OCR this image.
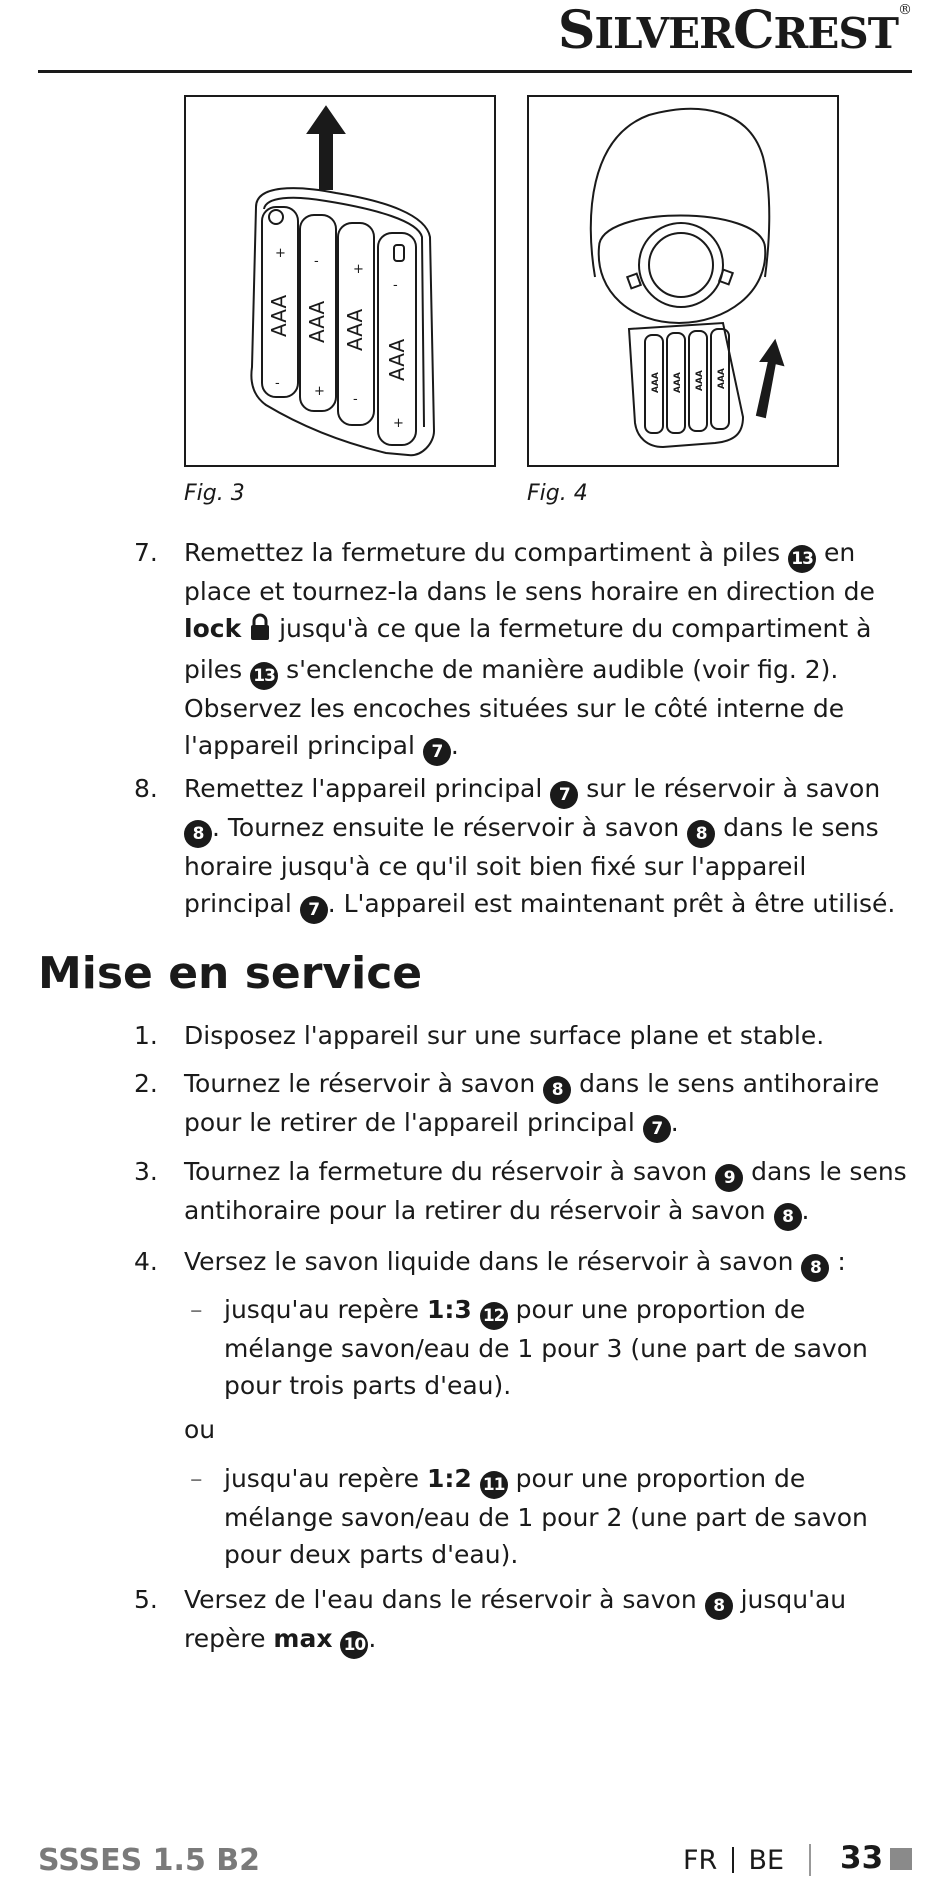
SILVERCREST®
+
-
+
-
-
+
-
+
AAA AAA AAA
AAA
Fig. 3
AAA AAA AAA AAA
Fig. 4
7.	Remettez la fermeture du compartiment à piles 13 en place et tournez-la dans le sens horaire en direction de lock  jusqu'à ce que la fermeture du compartiment à piles 13 s'enclenche de manière audible (voir fig. 2). Observez les encoches situées sur le côté interne de l'appareil principal 7 .
8.	Remettez l'appareil principal 7 sur le réservoir à savon 8 . Tournez ensuite le réservoir à savon 8 dans le sens horaire jusqu'à ce qu'il soit bien fixé sur l'appareil principal 7 . L'appareil est maintenant prêt à être utilisé.
Mise en service
1.	Disposez l'appareil sur une surface plane et stable.
2.	Tournez le réservoir à savon 8 dans le sens antihoraire pour le retirer de l'appareil principal 7 .
3.	Tournez la fermeture du réservoir à savon 9 dans le sens antihoraire pour la retirer du réservoir à savon 8 .
4.	Versez le savon liquide dans le réservoir à savon 8 :
– jusqu'au repère 1:3 12 pour une proportion de mélange savon/eau de 1 pour 3 (une part de savon pour trois parts d'eau).
ou
– jusqu'au repère 1:2 11 pour une proportion de mélange savon/eau de 1 pour 2 (une part de savon pour deux parts d'eau).
5.	Versez de l'eau dans le réservoir à savon 8 jusqu'au repère max 10 .
SSSES 1.5 B2	FR BE 33
